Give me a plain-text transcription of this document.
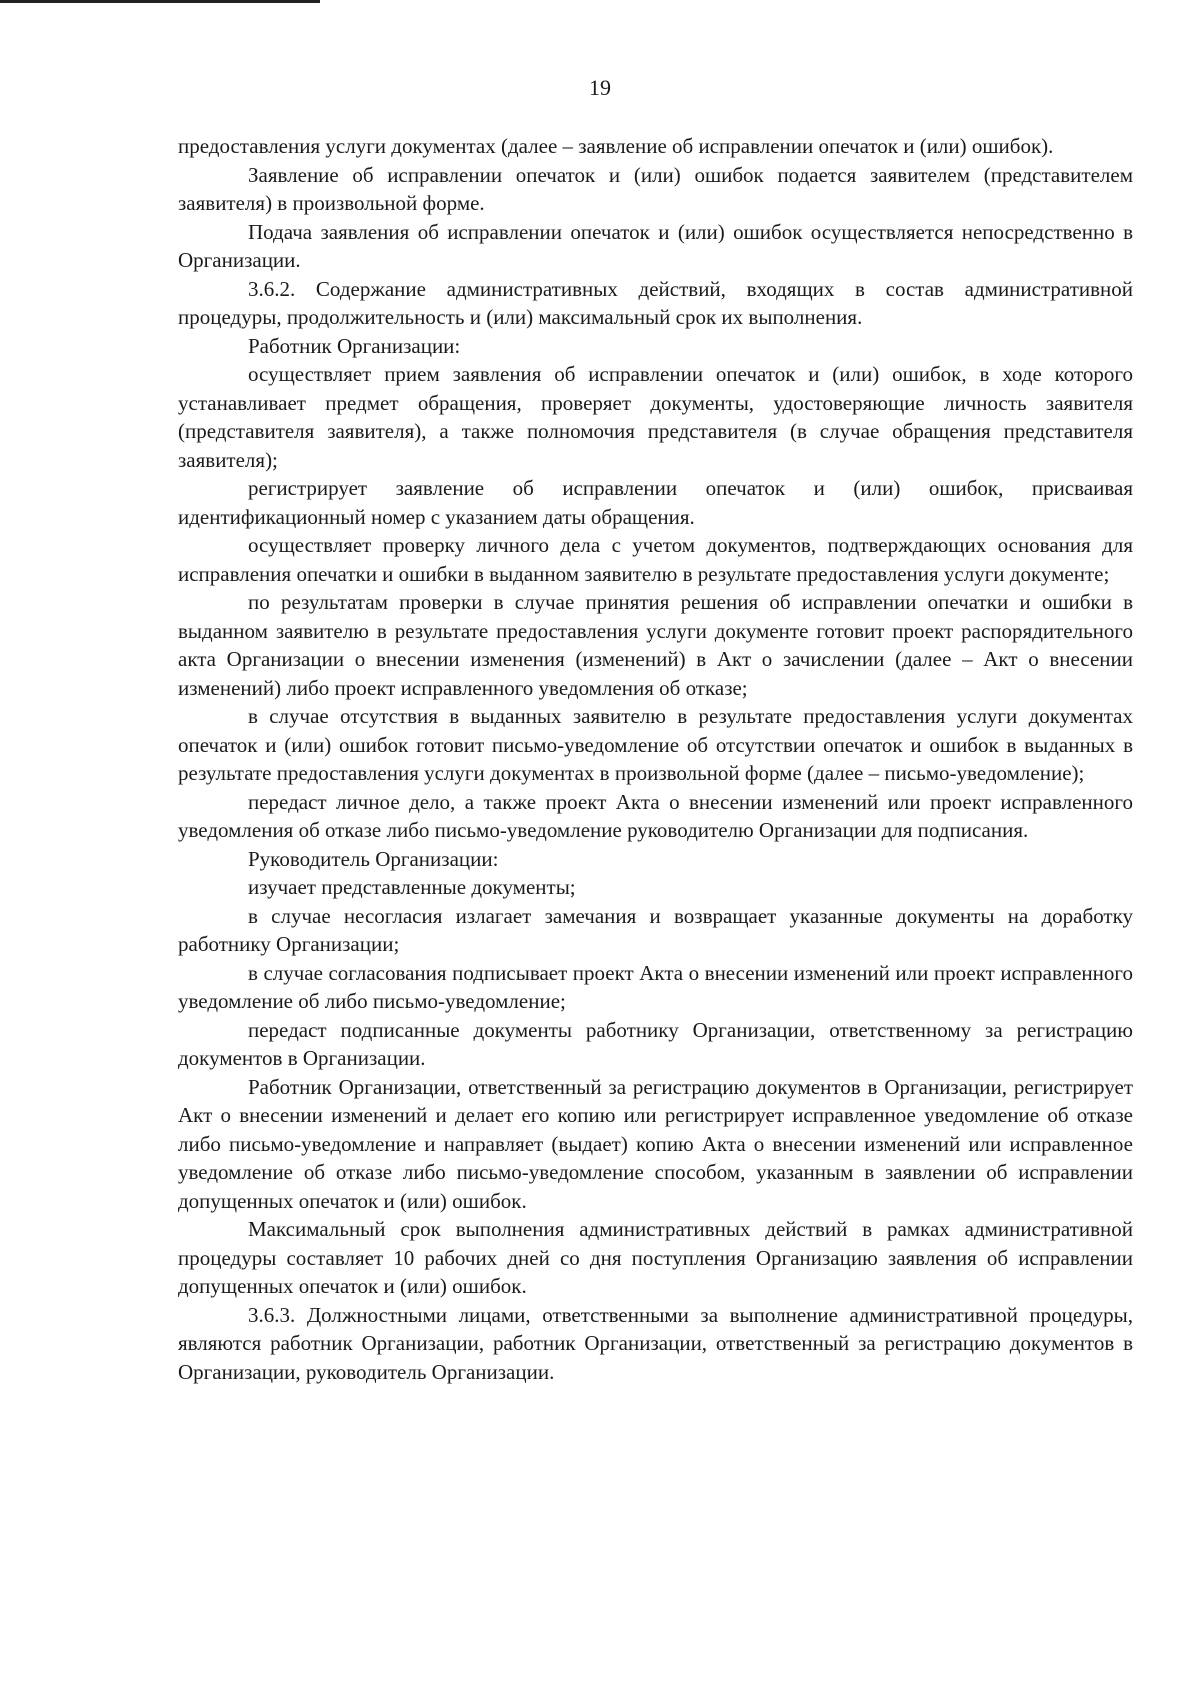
19

предоставления услуги документах (далее – заявление об исправлении опечаток и (или) ошибок).

Заявление об исправлении опечаток и (или) ошибок подается заявителем (представителем заявителя) в произвольной форме.

Подача заявления об исправлении опечаток и (или) ошибок осуществляется непосредственно в Организации.

3.6.2. Содержание административных действий, входящих в состав административной процедуры, продолжительность и (или) максимальный срок их выполнения.

Работник Организации:

осуществляет прием заявления об исправлении опечаток и (или) ошибок, в ходе которого устанавливает предмет обращения, проверяет документы, удостоверяющие личность заявителя (представителя заявителя), а также полномочия представителя (в случае обращения представителя заявителя);

регистрирует заявление об исправлении опечаток и (или) ошибок, присваивая идентификационный номер с указанием даты обращения.

осуществляет проверку личного дела с учетом документов, подтверждающих основания для исправления опечатки и ошибки в выданном заявителю в результате предоставления услуги документе;

по результатам проверки в случае принятия решения об исправлении опечатки и ошибки в выданном заявителю в результате предоставления услуги документе готовит проект распорядительного акта Организации о внесении изменения (изменений) в Акт о зачислении (далее – Акт о внесении изменений) либо проект исправленного уведомления об отказе;

в случае отсутствия в выданных заявителю в результате предоставления услуги документах опечаток и (или) ошибок готовит письмо-уведомление об отсутствии опечаток и ошибок в выданных в результате предоставления услуги документах в произвольной форме (далее – письмо-уведомление);

передаст личное дело, а также проект Акта о внесении изменений или проект исправленного уведомления об отказе либо письмо-уведомление руководителю Организации для подписания.

Руководитель Организации:

изучает представленные документы;

в случае несогласия излагает замечания и возвращает указанные документы на доработку работнику Организации;

в случае согласования подписывает проект Акта о внесении изменений или проект исправленного уведомление об либо письмо-уведомление;

передаст подписанные документы работнику Организации, ответственному за регистрацию документов в Организации.

Работник Организации, ответственный за регистрацию документов в Организации, регистрирует Акт о внесении изменений и делает его копию или регистрирует исправленное уведомление об отказе либо письмо-уведомление и направляет (выдает) копию Акта о внесении изменений или исправленное уведомление об отказе либо письмо-уведомление способом, указанным в заявлении об исправлении допущенных опечаток и (или) ошибок.

Максимальный срок выполнения административных действий в рамках административной процедуры составляет 10 рабочих дней со дня поступления Организацию заявления об исправлении допущенных опечаток и (или) ошибок.

3.6.3. Должностными лицами, ответственными за выполнение административной процедуры, являются работник Организации, работник Организации, ответственный за регистрацию документов в Организации, руководитель Организации.
